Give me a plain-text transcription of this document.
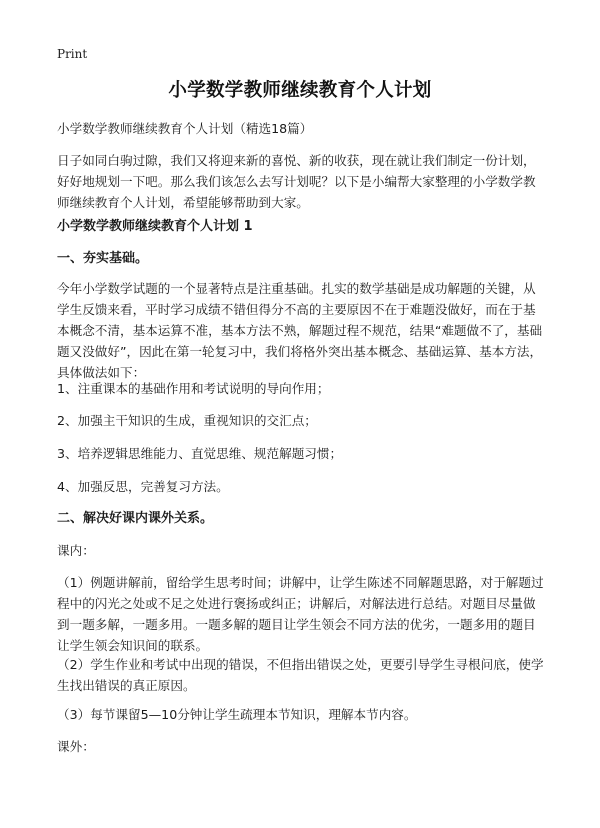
Print
小学数学教师继续教育个人计划

小学数学教师继续教育个人计划（精选18篇）

日子如同白驹过隙，我们又将迎来新的喜悦、新的收获，现在就让我们制定一份计划，好好地规划一下吧。那么我们该怎么去写计划呢？以下是小编帮大家整理的小学数学教师继续教育个人计划，希望能够帮助到大家。

小学数学教师继续教育个人计划 1

一、夯实基础。

今年小学数学试题的一个显著特点是注重基础。扎实的数学基础是成功解题的关键，从学生反馈来看，平时学习成绩不错但得分不高的主要原因不在于难题没做好，而在于基本概念不清，基本运算不准，基本方法不熟，解题过程不规范，结果“难题做不了，基础题又没做好”，因此在第一轮复习中，我们将格外突出基本概念、基础运算、基本方法，具体做法如下：

1、注重课本的基础作用和考试说明的导向作用；

2、加强主干知识的生成，重视知识的交汇点；

3、培养逻辑思维能力、直觉思维、规范解题习惯；

4、加强反思，完善复习方法。

二、解决好课内课外关系。

课内：

（1）例题讲解前，留给学生思考时间；讲解中，让学生陈述不同解题思路，对于解题过程中的闪光之处或不足之处进行褒扬或纠正；讲解后，对解法进行总结。对题目尽量做到一题多解，一题多用。一题多解的题目让学生领会不同方法的优劣，一题多用的题目让学生领会知识间的联系。

（2）学生作业和考试中出现的错误，不但指出错误之处，更要引导学生寻根问底，使学生找出错误的真正原因。

（3）每节课留5—10分钟让学生疏理本节知识，理解本节内容。

课外：
